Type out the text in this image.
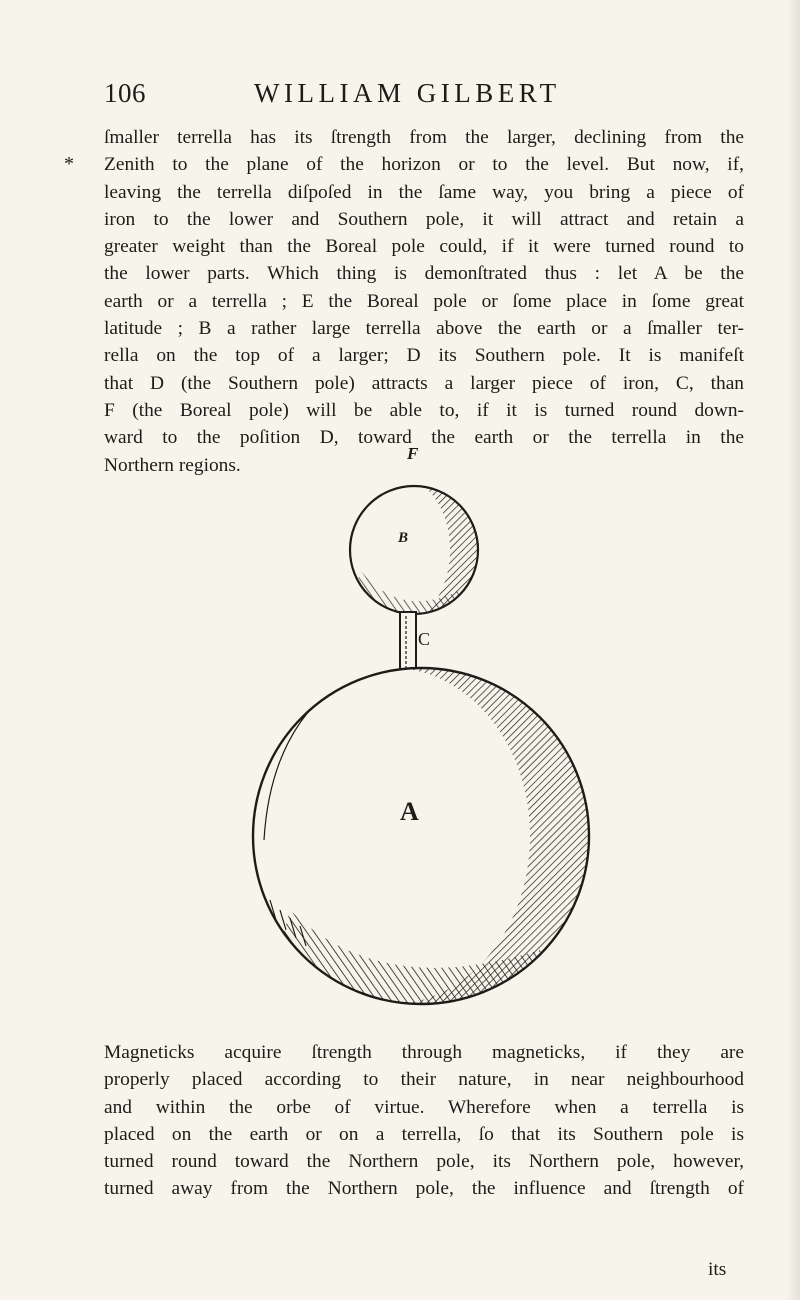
106	WILLIAM GILBERT
*
ſmaller terrella has its ſtrength from the larger, declining from the
Zenith to the plane of the horizon or to the level. But now, if,
leaving the terrella diſpoſed in the ſame way, you bring a piece of
iron to the lower and Southern pole, it will attract and retain a
greater weight than the Boreal pole could, if it were turned round to
the lower parts. Which thing is demonſtrated thus : let A be the
earth or a terrella ; E the Boreal pole or ſome place in ſome great
latitude ; B a rather large terrella above the earth or a ſmaller ter-
rella on the top of a larger; D its Southern pole. It is manifeſt
that D (the Southern pole) attracts a larger piece of iron, C, than
F (the Boreal pole) will be able to, if it is turned round down-
ward to the poſition D, toward the earth or the terrella in the
Northern regions.
F
B
C
A
Magneticks acquire ſtrength through magneticks, if they are
properly placed according to their nature, in near neighbourhood
and within the orbe of virtue. Wherefore when a terrella is
placed on the earth or on a terrella, ſo that its Southern pole is
turned round toward the Northern pole, its Northern pole, however,
turned away from the Northern pole, the influence and ſtrength of
its
